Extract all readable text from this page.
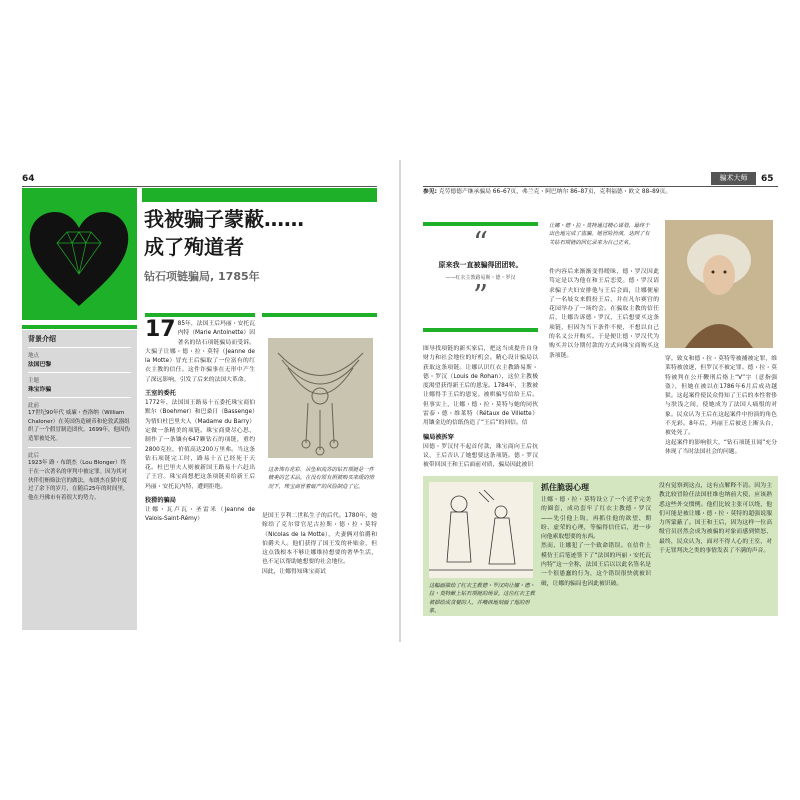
64
我被骗子蒙蔽……
成了殉道者
钻石项链骗局, 1785年
背景介绍
地点
法国巴黎
主题
珠宝诈骗
此前
17世纪90年代 威廉・查洛纳（William Chaloner）在英国伪造硬币和伦敦武器组织了一个假冒制造团伙。1699年，他因伪造罪被处死。
此后
1923年 路・布朗杰（Lou Blonger）终于在一次著名的审判中被定罪。因为其对伙伴们贿赂法官的做法，布朗杰在狱中度过了余下的岁月，在随后25年的时间里，他在丹佛市有着很大的势力。
17 85年，法国王后玛丽・安托瓦内特（Marie Antoinette）因著名的钻石项链骗局而受诉。大骗子让娜・德・拉・莫特（Jeanne de la Motte）冒充王后骗取了一位富有的红衣主教的信任。这件诈骗事在无形中产生了深远影响，引发了后来的法国大革命。
王室的委托
1772年，法国国王路易十五委托珠宝商伯默尔（Boehmer）和巴桑日（Bassenge）为情妇杜巴里夫人（Madame du Barry）定做一条精美的项链。珠宝商费尽心思，制作了一条镶有647颗钻石的项链，重约2800克拉，价值高达200万里弗。当这条钻石项链完工时，路易十五已经死于天花。杜巴里夫人则被新国王路易十六赶出了王宫。珠宝商想把这条项链卖给新王后玛丽・安托瓦内特，遭到拒绝。
狡猾的骗局
让娜・瓦卢瓦・圣雷米（Jeanne de Valois-Saint-Rémy）
这条饰有花彩、吊坠和流苏的钻石项链是一件精美的艺术品。在没有原有照被购买来缓的情况下，珠宝商冒着破产的风险制造了它。
是国王亨利二世私生子的后代。1780年，她嫁给了克尔常官尼古拉斯・德・拉・莫特（Nicolas de la Motte），夫妻俩对伯爵和伯爵夫人。他们获得了国王发的补贴金，但这点钱根本不够让娜维持想要的奢华生活，也不足以帮助她想要的社会地位。
因此，让娜得知珠宝商试
骗术大师	65
参见: 克劳德德产继承骗局 66–67页，弗兰克・阿巴纳尔 86–87页，克利福德・欧文 88–89页。
“
原来我一直被骗得团团转。
——红衣主教路易斯・德・罗汉
”
让娜・德・拉・莫特通过精心谋划，最终于出色地完成了盗骗。她冒险扮演，达到了有关钻石项链的回忆录来为自己正名。
图导找项链的新买家后，把这当成提升自身财力和社会地位的好机会。精心设计骗局以获取这条项链。让娜认识红衣主教路易斯・德・罗汉（Louis de Rohan），这位主教极度渴望获得新王后的恩宠。1784年，主教被让娜得手王后的恩宠。被哄骗写信给王后。但事实上，让娜・德・拉・莫特与她的同伙雷泰・德・维莱特（Rétaux de Villette）用镶金边的信纸伪造了“王后”的回信。信
骗局被拆穿
因德・罗汉付不起首付款，珠宝商向王后抗议，王后否认了她想要这条项链。德・罗汉被带回国王和王后面前对质，骗局因此被识
件内容后来渐渐变得暧昧，德・罗汉因此笃定是以为他在和王后恋爱。德・罗汉请求骗子夫妇安排他与王后会面，让娜便雇了一名妓女来假扮王后，并在凡尔赛宫的花园举办了一场约会。在骗取主教的信任后，让娜告诉德・罗汉，王后想要买这条项链，但因为当下条件不便，不想以自己的名义公开购买。于是便让德・罗汉代为购买并以分期付款的方式向珠宝商购买这条项链。
穿。致女和德・拉・莫特等被捕被定罪，维莱特被放逐，但罗汉不被定罪。德・拉・莫特被判在公开鞭刑后烙上“V”字（意指强盗），但她在被以在1786年6月后成功越狱。这起案件使民众得知了王后的本性奢侈与肤浅之间，使她成为了法国人痛恨的对象。民众认为王后在这起案件中扮演的角色不光彩。8年后，玛丽王后被送上断头台，被处死了。
这起案件的影响很大，“钻石项链丑闻”充分体现了当时法国社会的问题。
这幅画描绘了红衣主教德・罗汉向让娜・德・拉・莫特献上钻石项链的场景。这位红衣主教被描绘成贪婪的人，并嘲讽地刻画了他的形象。
抓住脆弱心理
让娜・德・拉・莫特设立了一个近乎完美的圈套，成功套牢了红衣主教德・罗汉——先引他上钩，再抓住他的欲望、期盼、虚荣的心理，等骗得信任后，进一步向他索取想要的东西。
然而，让娜犯了一个致命错误。在信件上模仿王后笔迹签下了“法国的玛丽・安托瓦内特”这一全称，法国王后以以此名签名是一个很愚蠢的行为，这个错误很快就被识破，让娜的骗局也因此被识破。
没有觉察到这点，这有点解释不清。因为主教比较冒险任法国驻维也纳前大使，应该熟悉这些外交惯例。他们比较主张可以绕，他们可能是被让娜・德・拉・莫特的超强说服力所蒙蔽了。国王和王后，因为这样一位高级官员居然会成为被骗的对象而感到愤怒，最终，民众认为，面对不得人心的王室，对于无罪判决之类的事情发表了不满的声音。
